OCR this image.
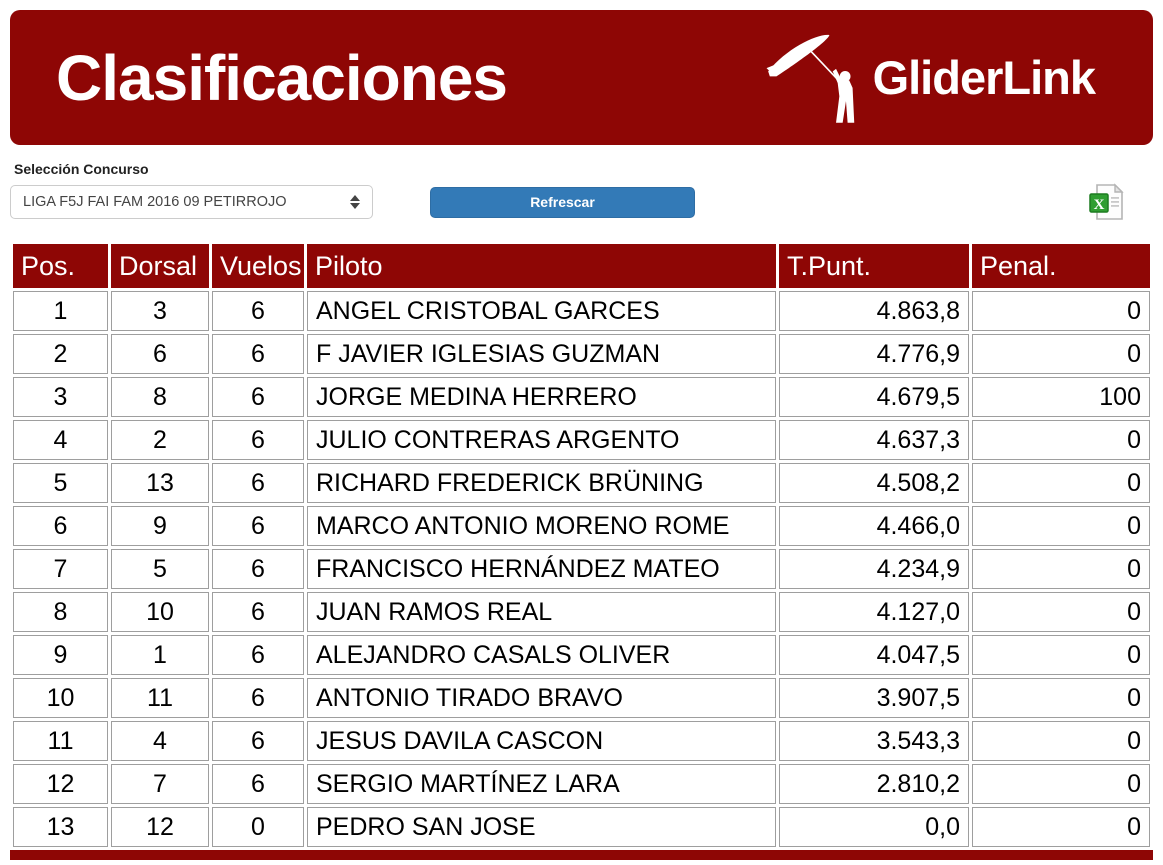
Clasificaciones	GliderLink

Selección Concurso

LIGA F5J FAI FAM 2016 09 PETIRROJO	Refrescar	X
Pos.	Dorsal	Vuelos	Piloto	T.Punt.	Penal.
1	3	6	ANGEL CRISTOBAL GARCES	4.863,8	0
2	6	6	F JAVIER IGLESIAS GUZMAN	4.776,9	0
3	8	6	JORGE MEDINA HERRERO	4.679,5	100
4	2	6	JULIO CONTRERAS ARGENTO	4.637,3	0
5	13	6	RICHARD FREDERICK BRÜNING	4.508,2	0
6	9	6	MARCO ANTONIO MORENO ROME	4.466,0	0
7	5	6	FRANCISCO HERNÁNDEZ MATEO	4.234,9	0
8	10	6	JUAN RAMOS REAL	4.127,0	0
9	1	6	ALEJANDRO CASALS OLIVER	4.047,5	0
10	11	6	ANTONIO TIRADO BRAVO	3.907,5	0
11	4	6	JESUS DAVILA CASCON	3.543,3	0
12	7	6	SERGIO MARTÍNEZ LARA	2.810,2	0
13	12	0	PEDRO SAN JOSE	0,0	0
